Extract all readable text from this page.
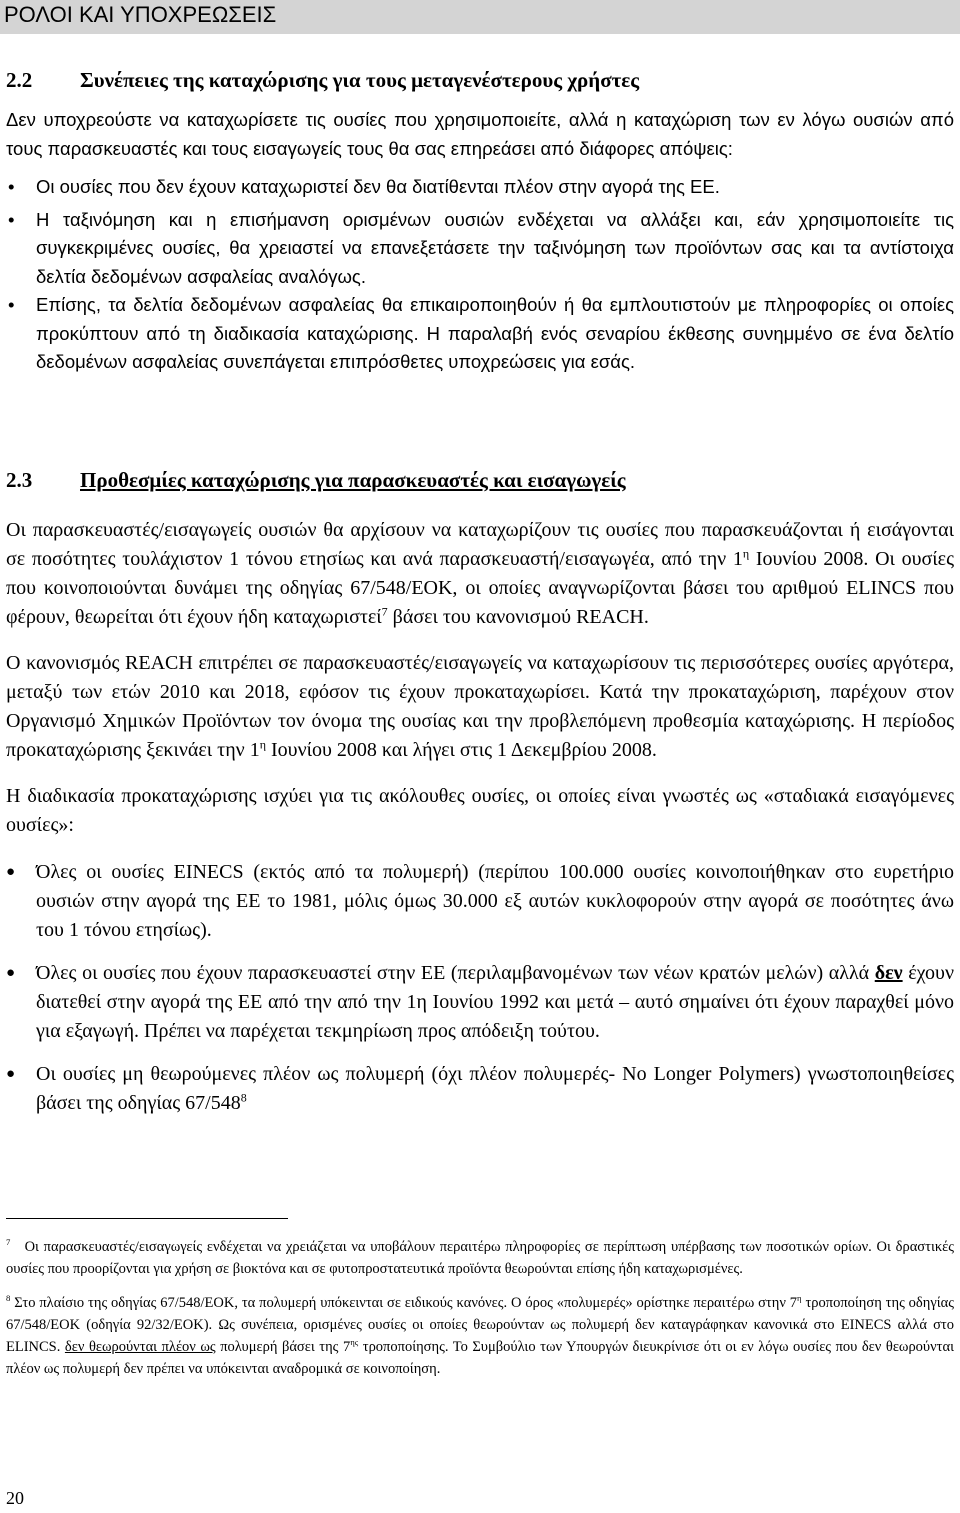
ΡΟΛΟΙ ΚΑΙ ΥΠΟΧΡΕΩΣΕΙΣ
2.2 Συνέπειες της καταχώρισης για τους μεταγενέστερους χρήστες
Δεν υποχρεούστε να καταχωρίσετε τις ουσίες που χρησιμοποιείτε, αλλά η καταχώριση των εν λόγω ουσιών από τους παρασκευαστές και τους εισαγωγείς τους θα σας επηρεάσει από διάφορες απόψεις:
• Οι ουσίες που δεν έχουν καταχωριστεί δεν θα διατίθενται πλέον στην αγορά της ΕΕ.
• Η ταξινόμηση και η επισήμανση ορισμένων ουσιών ενδέχεται να αλλάξει και, εάν χρησιμοποιείτε τις συγκεκριμένες ουσίες, θα χρειαστεί να επανεξετάσετε την ταξινόμηση των προϊόντων σας και τα αντίστοιχα δελτία δεδομένων ασφαλείας αναλόγως.
• Επίσης, τα δελτία δεδομένων ασφαλείας θα επικαιροποιηθούν ή θα εμπλουτιστούν με πληροφορίες οι οποίες προκύπτουν από τη διαδικασία καταχώρισης. Η παραλαβή ενός σεναρίου έκθεσης συνημμένο σε ένα δελτίο δεδομένων ασφαλείας συνεπάγεται επιπρόσθετες υποχρεώσεις για εσάς.
2.3 Προθεσμίες καταχώρισης για παρασκευαστές και εισαγωγείς

Οι παρασκευαστές/εισαγωγείς ουσιών θα αρχίσουν να καταχωρίζουν τις ουσίες που παρασκευάζονται ή εισάγονται σε ποσότητες τουλάχιστον 1 τόνου ετησίως και ανά παρασκευαστή/εισαγωγέα, από την $1^\eta$ Ιουνίου 2008. Οι ουσίες που κοινοποιούνται δυνάμει της οδηγίας 67/548/ΕΟΚ, οι οποίες αναγνωρίζονται βάσει του αριθμού ELINCS που φέρουν, θεωρείται ότι έχουν ήδη καταχωριστεί$^7$ βάσει του κανονισμού REACH.

Ο κανονισμός REACH επιτρέπει σε παρασκευαστές/εισαγωγείς να καταχωρίσουν τις περισσότερες ουσίες αργότερα, μεταξύ των ετών 2010 και 2018, εφόσον τις έχουν προκαταχωρίσει. Κατά την προκαταχώριση, παρέχουν στον Οργανισμό Χημικών Προϊόντων τον όνομα της ουσίας και την προβλεπόμενη προθεσμία καταχώρισης. Η περίοδος προκαταχώρισης ξεκινάει την $1^\eta$ Ιουνίου 2008 και λήγει στις 1 Δεκεμβρίου 2008.

Η διαδικασία προκαταχώρισης ισχύει για τις ακόλουθες ουσίες, οι οποίες είναι γνωστές ως «σταδιακά εισαγόμενες ουσίες»:

● Όλες οι ουσίες EINECS (εκτός από τα πολυμερή) (περίπου 100.000 ουσίες κοινοποιήθηκαν στο ευρετήριο ουσιών στην αγορά της ΕΕ το 1981, μόλις όμως 30.000 εξ αυτών κυκλοφορούν στην αγορά σε ποσότητες άνω του 1 τόνου ετησίως).
● Όλες οι ουσίες που έχουν παρασκευαστεί στην ΕΕ (περιλαμβανομένων των νέων κρατών μελών) αλλά δεν έχουν διατεθεί στην αγορά της ΕΕ από την από την 1η Ιουνίου 1992 και μετά – αυτό σημαίνει ότι έχουν παραχθεί μόνο για εξαγωγή. Πρέπει να παρέχεται τεκμηρίωση προς απόδειξη τούτου.
● Οι ουσίες μη θεωρούμενες πλέον ως πολυμερή (όχι πλέον πολυμερές- No Longer Polymers) γνωστοποιηθείσες βάσει της οδηγίας $67/548^8$

$^7$ Οι παρασκευαστές/εισαγωγείς ενδέχεται να χρειάζεται να υποβάλουν περαιτέρω πληροφορίες σε περίπτωση υπέρβασης των ποσοτικών ορίων. Οι δραστικές ουσίες που προορίζονται για χρήση σε βιοκτόνα και σε φυτοπροστατευτικά προϊόντα θεωρούνται επίσης ήδη καταχωρισμένες.

$^8$ Στο πλαίσιο της οδηγίας 67/548/ΕΟΚ, τα πολυμερή υπόκεινται σε ειδικούς κανόνες. Ο όρος «πολυμερές» ορίστηκε περαιτέρω στην $7^\eta$ τροποποίηση της οδηγίας 67/548/ΕΟΚ (οδηγία 92/32/ΕΟΚ). Ως συνέπεια, ορισμένες ουσίες οι οποίες θεωρούνταν ως πολυμερή δεν καταγράφηκαν κανονικά στο EINECS αλλά στο ELINCS. δεν θεωρούνται πλέον ως πολυμερή βάσει της $7^{\eta\varsigma}$ τροποποίησης. Το Συμβούλιο των Υπουργών διευκρίνισε ότι οι εν λόγω ουσίες που δεν θεωρούνται πλέον ως πολυμερή δεν πρέπει να υπόκεινται αναδρομικά σε κοινοποίηση.

20
